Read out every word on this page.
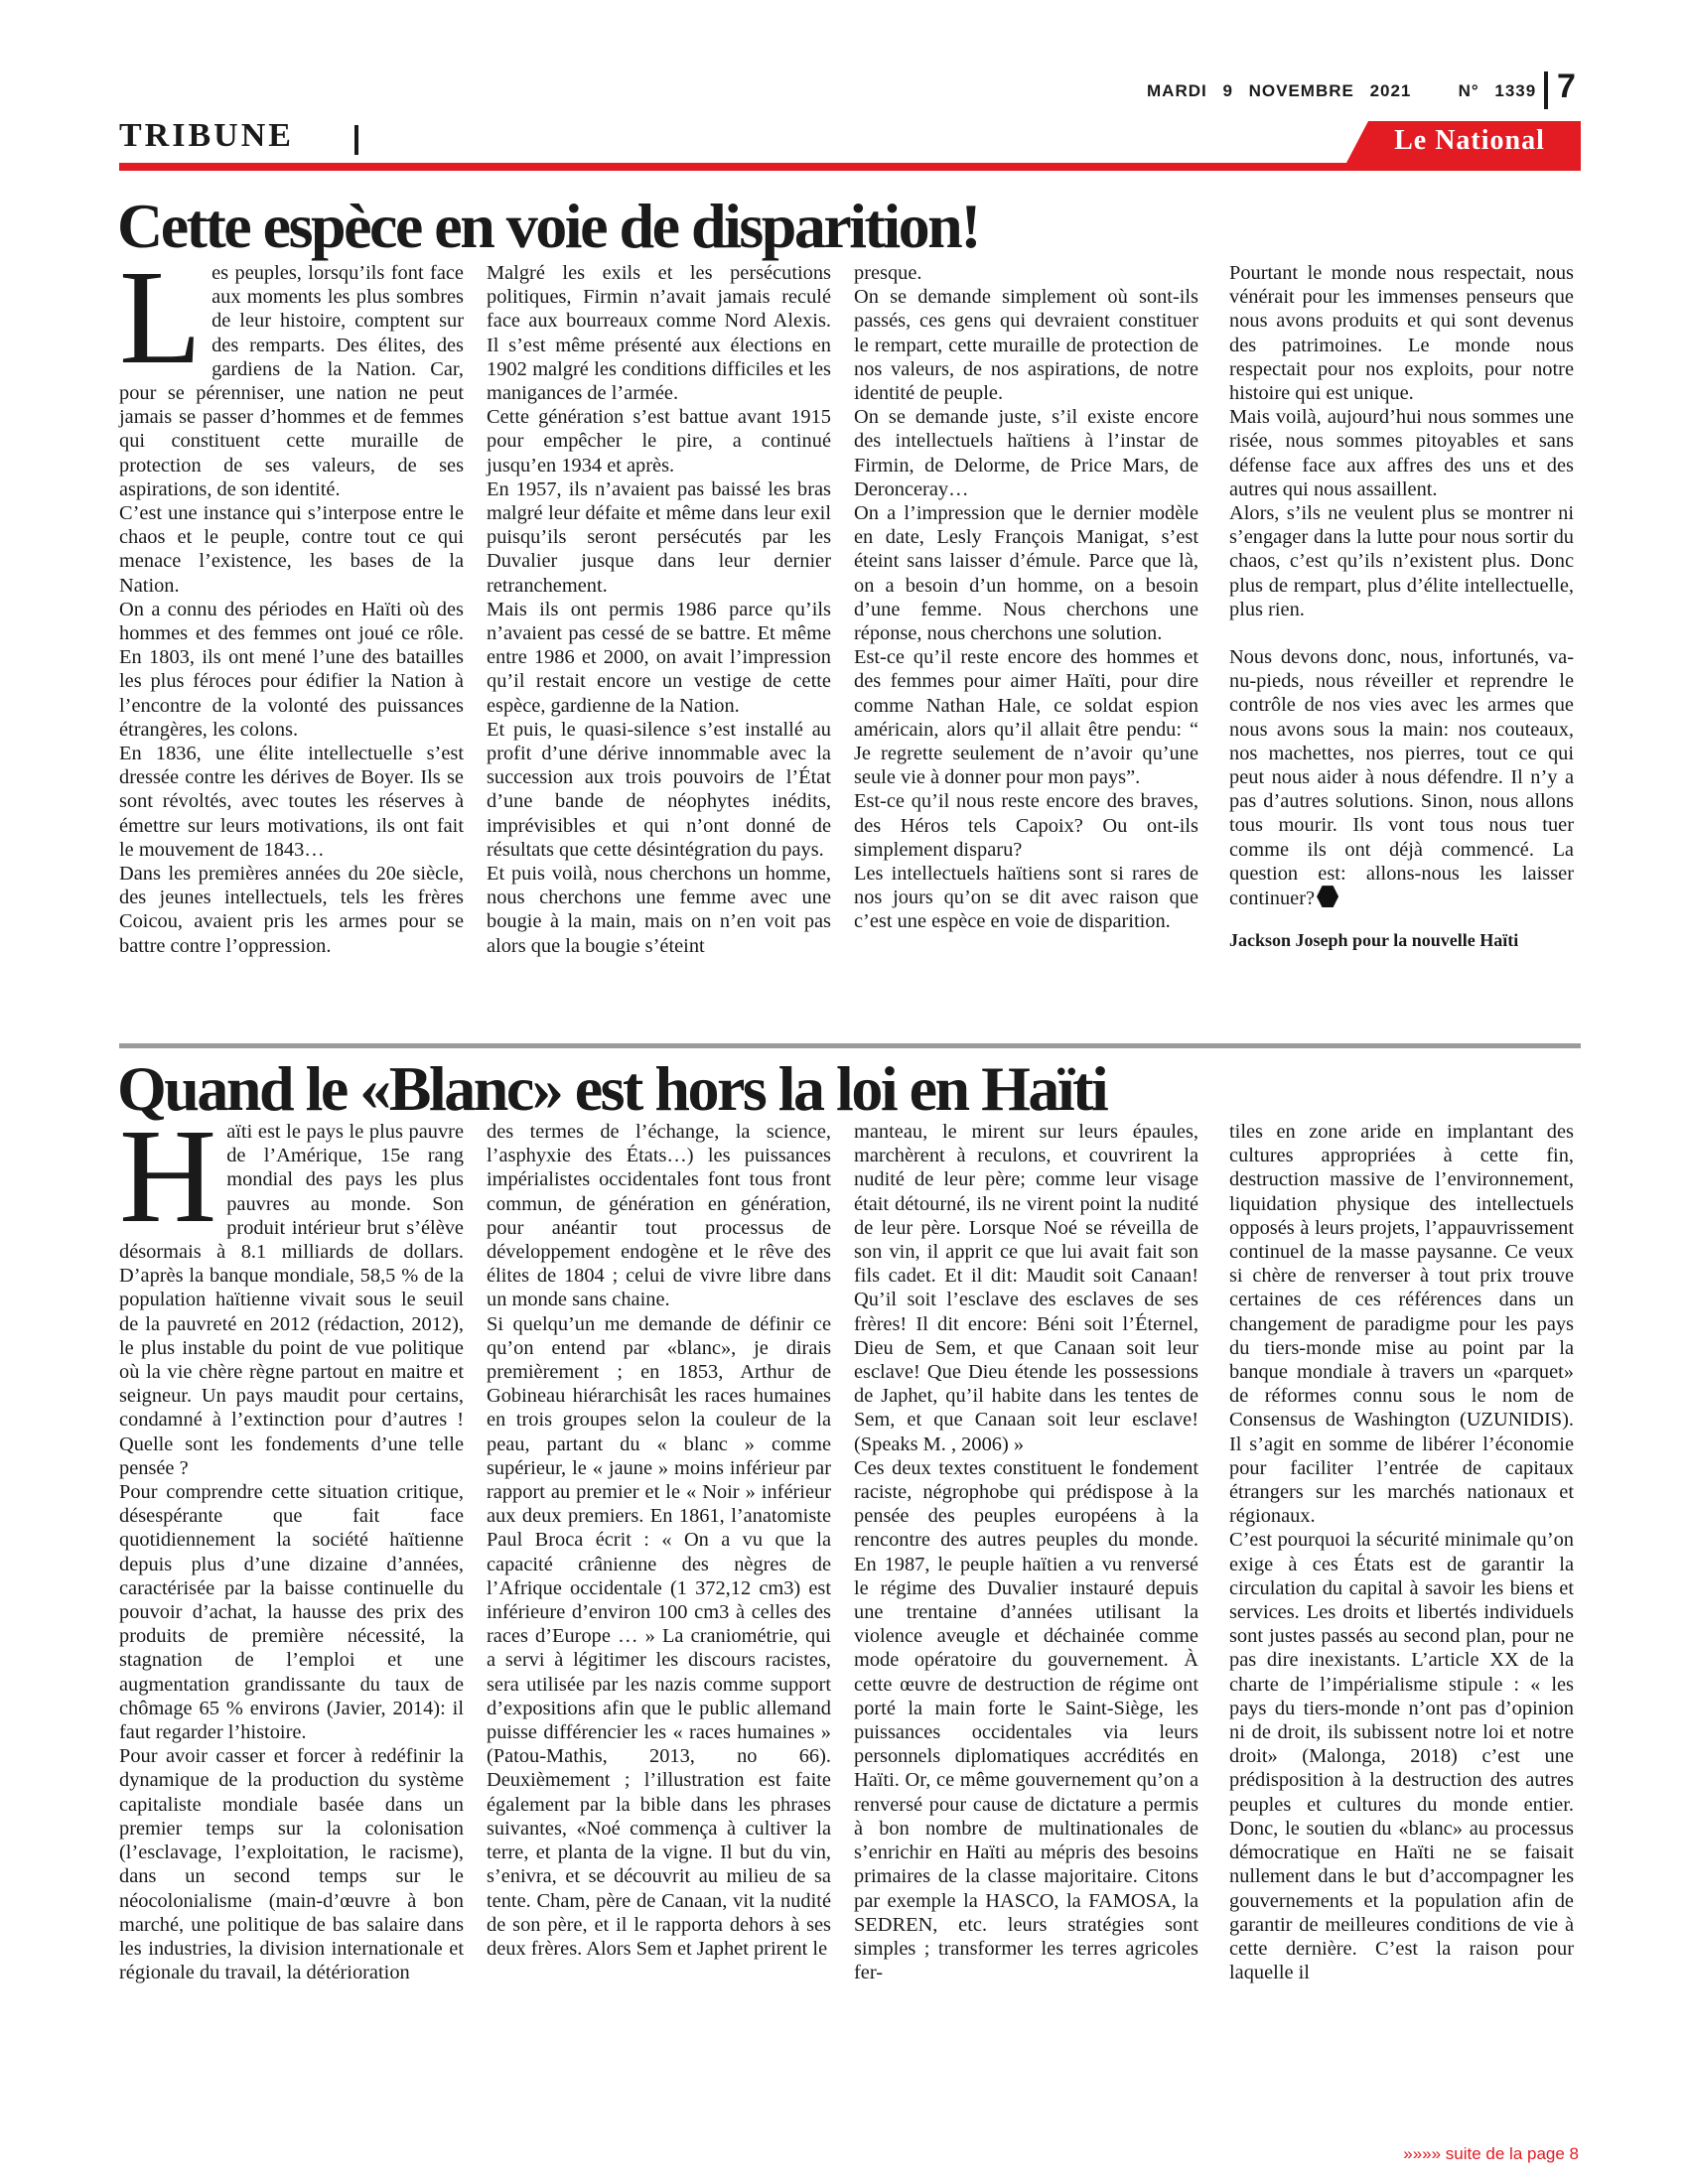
MARDI 9 NOVEMBRE 2021	N° 1339 7
TRIBUNE	Le National
Cette espèce en voie de disparition!
L es peuples, lorsqu’ils font face aux moments les plus sombres de leur histoire, comptent sur des remparts. Des élites, des gardiens de la Nation. Car, pour se pérenniser, une nation ne peut jamais se passer d’hommes et de femmes qui constituent cette muraille de protection de ses valeurs, de ses aspirations, de son identité.

C’est une instance qui s’interpose entre le chaos et le peuple, contre tout ce qui menace l’existence, les bases de la Nation.

On a connu des périodes en Haïti où des hommes et des femmes ont joué ce rôle. En 1803, ils ont mené l’une des batailles les plus féroces pour édifier la Nation à l’encontre de la volonté des puissances étrangères, les colons.

En 1836, une élite intellectuelle s’est dressée contre les dérives de Boyer. Ils se sont révoltés, avec toutes les réserves à émettre sur leurs motivations, ils ont fait le mouvement de 1843…

Dans les premières années du 20e siècle, des jeunes intellectuels, tels les frères Coicou, avaient pris les armes pour se battre contre l’oppression.

Malgré les exils et les persécutions politiques, Firmin n’avait jamais reculé face aux bourreaux comme Nord Alexis. Il s’est même présenté aux élections en 1902 malgré les conditions difficiles et les manigances de l’armée.

Cette génération s’est battue avant 1915 pour empêcher le pire, a continué jusqu’en 1934 et après.

En 1957, ils n’avaient pas baissé les bras malgré leur défaite et même dans leur exil puisqu’ils seront persécutés par les Duvalier jusque dans leur dernier retranchement.

Mais ils ont permis 1986 parce qu’ils n’avaient pas cessé de se battre. Et même entre 1986 et 2000, on avait l’impression qu’il restait encore un vestige de cette espèce, gardienne de la Nation.

Et puis, le quasi-silence s’est installé au profit d’une dérive innommable avec la succession aux trois pouvoirs de l’État d’une bande de néophytes inédits, imprévisibles et qui n’ont donné de résultats que cette désintégration du pays.

Et puis voilà, nous cherchons un homme, nous cherchons une femme avec une bougie à la main, mais on n’en voit pas alors que la bougie s’éteint

presque.

On se demande simplement où sont-ils passés, ces gens qui devraient constituer le rempart, cette muraille de protection de nos valeurs, de nos aspirations, de notre identité de peuple.

On se demande juste, s’il existe encore des intellectuels haïtiens à l’instar de Firmin, de Delorme, de Price Mars, de Deronceray…

On a l’impression que le dernier modèle en date, Lesly François Manigat, s’est éteint sans laisser d’émule. Parce que là, on a besoin d’un homme, on a besoin d’une femme. Nous cherchons une réponse, nous cherchons une solution.

Est-ce qu’il reste encore des hommes et des femmes pour aimer Haïti, pour dire comme Nathan Hale, ce soldat espion américain, alors qu’il allait être pendu: “ Je regrette seulement de n’avoir qu’une seule vie à donner pour mon pays”.

Est-ce qu’il nous reste encore des braves, des Héros tels Capoix? Ou ont-ils simplement disparu?

Les intellectuels haïtiens sont si rares de nos jours qu’on se dit avec raison que c’est une espèce en voie de disparition.

Pourtant le monde nous respectait, nous vénérait pour les immenses penseurs que nous avons produits et qui sont devenus des patrimoines. Le monde nous respectait pour nos exploits, pour notre histoire qui est unique.

Mais voilà, aujourd’hui nous sommes une risée, nous sommes pitoyables et sans défense face aux affres des uns et des autres qui nous assaillent.

Alors, s’ils ne veulent plus se montrer ni s’engager dans la lutte pour nous sortir du chaos, c’est qu’ils n’existent plus. Donc plus de rempart, plus d’élite intellectuelle, plus rien.

Nous devons donc, nous, infortunés, va-nu-pieds, nous réveiller et reprendre le contrôle de nos vies avec les armes que nous avons sous la main: nos couteaux, nos machettes, nos pierres, tout ce qui peut nous aider à nous défendre. Il n’y a pas d’autres solutions. Sinon, nous allons tous mourir. Ils vont tous nous tuer comme ils ont déjà commencé. La question est: allons-nous les laisser continuer?

Jackson Joseph pour la nouvelle Haïti

Quand le «Blanc» est hors la loi en Haïti
H aïti est le pays le plus pauvre de l’Amérique, 15e rang mondial des pays les plus pauvres au monde. Son produit intérieur brut s’élève désormais à 8.1 milliards de dollars. D’après la banque mondiale, 58,5 % de la population haïtienne vivait sous le seuil de la pauvreté en 2012 (rédaction, 2012), le plus instable du point de vue politique où la vie chère règne partout en maitre et seigneur. Un pays maudit pour certains, condamné à l’extinction pour d’autres ! Quelle sont les fondements d’une telle pensée ?

Pour comprendre cette situation critique, désespérante que fait face quotidiennement la société haïtienne depuis plus d’une dizaine d’années, caractérisée par la baisse continuelle du pouvoir d’achat, la hausse des prix des produits de première nécessité, la stagnation de l’emploi et une augmentation grandissante du taux de chômage 65 % environs (Javier, 2014): il faut regarder l’histoire.

Pour avoir casser et forcer à redéfinir la dynamique de la production du système capitaliste mondiale basée dans un premier temps sur la colonisation (l’esclavage, l’exploitation, le racisme), dans un second temps sur le néocolonialisme (main-d’œuvre à bon marché, une politique de bas salaire dans les industries, la division internationale et régionale du travail, la détérioration

des termes de l’échange, la science, l’asphyxie des États…) les puissances impérialistes occidentales font tous front commun, de génération en génération, pour anéantir tout processus de développement endogène et le rêve des élites de 1804 ; celui de vivre libre dans un monde sans chaine.

Si quelqu’un me demande de définir ce qu’on entend par «blanc», je dirais premièrement ; en 1853, Arthur de Gobineau hiérarchisât les races humaines en trois groupes selon la couleur de la peau, partant du « blanc » comme supérieur, le « jaune » moins inférieur par rapport au premier et le « Noir » inférieur aux deux premiers. En 1861, l’anatomiste Paul Broca écrit : « On a vu que la capacité crânienne des nègres de l’Afrique occidentale (1 372,12 cm3) est inférieure d’environ 100 cm3 à celles des races d’Europe … » La craniométrie, qui a servi à légitimer les discours racistes, sera utilisée par les nazis comme support d’expositions afin que le public allemand puisse différencier les « races humaines » (Patou-Mathis, 2013, no 66). Deuxièmement ; l’illustration est faite également par la bible dans les phrases suivantes, «Noé commença à cultiver la terre, et planta de la vigne. Il but du vin, s’enivra, et se découvrit au milieu de sa tente. Cham, père de Canaan, vit la nudité de son père, et il le rapporta dehors à ses deux frères. Alors Sem et Japhet prirent le

manteau, le mirent sur leurs épaules, marchèrent à reculons, et couvrirent la nudité de leur père; comme leur visage était détourné, ils ne virent point la nudité de leur père. Lorsque Noé se réveilla de son vin, il apprit ce que lui avait fait son fils cadet. Et il dit: Maudit soit Canaan! Qu’il soit l’esclave des esclaves de ses frères! Il dit encore: Béni soit l’Éternel, Dieu de Sem, et que Canaan soit leur esclave! Que Dieu étende les possessions de Japhet, qu’il habite dans les tentes de Sem, et que Canaan soit leur esclave! (Speaks M. , 2006) »

Ces deux textes constituent le fondement raciste, négrophobe qui prédispose à la pensée des peuples européens à la rencontre des autres peuples du monde. En 1987, le peuple haïtien a vu renversé le régime des Duvalier instauré depuis une trentaine d’années utilisant la violence aveugle et déchainée comme mode opératoire du gouvernement. À cette œuvre de destruction de régime ont porté la main forte le Saint-Siège, les puissances occidentales via leurs personnels diplomatiques accrédités en Haïti. Or, ce même gouvernement qu’on a renversé pour cause de dictature a permis à bon nombre de multinationales de s’enrichir en Haïti au mépris des besoins primaires de la classe majoritaire. Citons par exemple la HASCO, la FAMOSA, la SEDREN, etc. leurs stratégies sont simples ; transformer les terres agricoles fer-

tiles en zone aride en implantant des cultures appropriées à cette fin, destruction massive de l’environnement, liquidation physique des intellectuels opposés à leurs projets, l’appauvrissement continuel de la masse paysanne. Ce veux si chère de renverser à tout prix trouve certaines de ces références dans un changement de paradigme pour les pays du tiers-monde mise au point par la banque mondiale à travers un «parquet» de réformes connu sous le nom de Consensus de Washington (UZUNIDIS). Il s’agit en somme de libérer l’économie pour faciliter l’entrée de capitaux étrangers sur les marchés nationaux et régionaux.

C’est pourquoi la sécurité minimale qu’on exige à ces États est de garantir la circulation du capital à savoir les biens et services. Les droits et libertés individuels sont justes passés au second plan, pour ne pas dire inexistants. L’article XX de la charte de l’impérialisme stipule : « les pays du tiers-monde n’ont pas d’opinion ni de droit, ils subissent notre loi et notre droit» (Malonga, 2018) c’est une prédisposition à la destruction des autres peuples et cultures du monde entier. Donc, le soutien du «blanc» au processus démocratique en Haïti ne se faisait nullement dans le but d’accompagner les gouvernements et la population afin de garantir de meilleures conditions de vie à cette dernière. C’est la raison pour laquelle il

»»»» suite de la page 8
